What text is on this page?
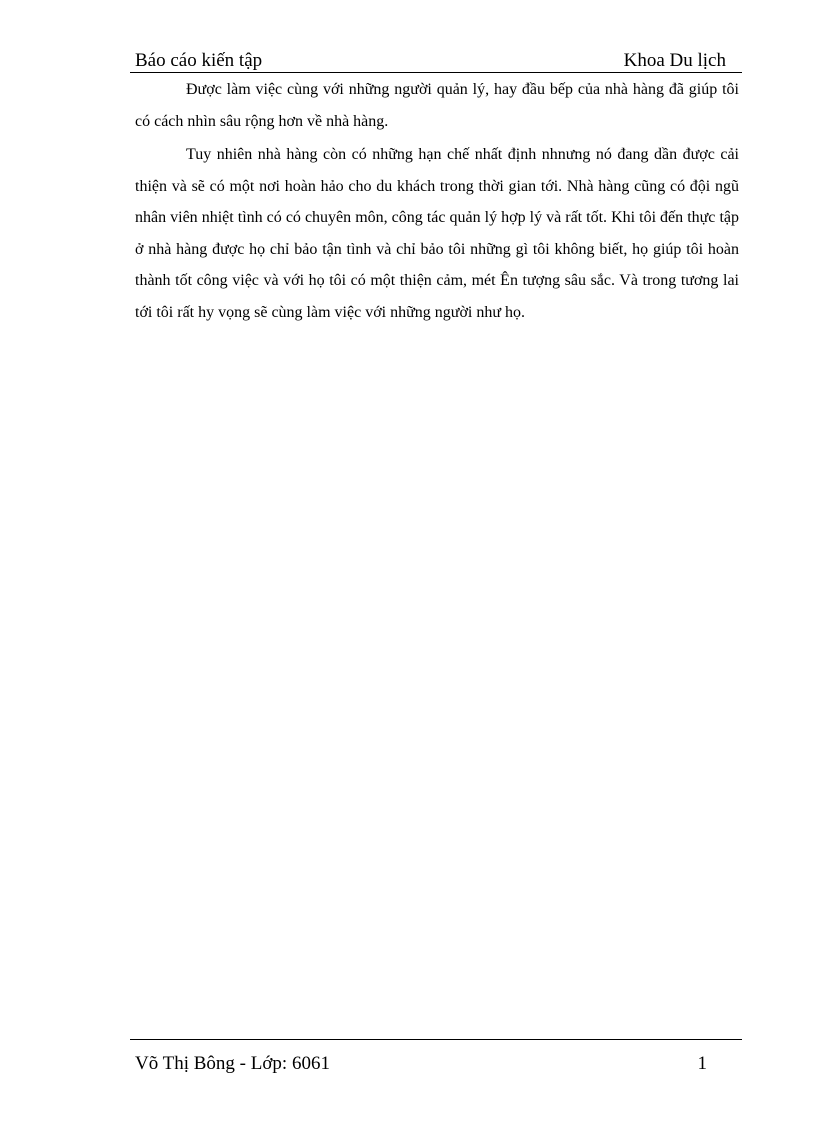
Báo cáo kiến tập	Khoa Du lịch

Được làm việc cùng với những người quản lý, hay đầu bếp của nhà hàng đã giúp tôi có cách nhìn sâu rộng hơn về nhà hàng.

Tuy nhiên nhà hàng còn có những hạn chế nhất định nhnưng nó đang dần được cải thiện và sẽ có một nơi hoàn hảo cho du khách trong thời gian tới. Nhà hàng cũng có đội ngũ nhân viên nhiệt tình có có chuyên môn, công tác quản lý hợp lý và rất tốt. Khi tôi đến thực tập ở nhà hàng được họ chỉ bảo tận tình và chỉ bảo tôi những gì tôi không biết, họ giúp tôi hoàn thành tốt công việc và với họ tôi có một thiện cảm, mét Ên tượng sâu sắc. Và trong tương lai tới tôi rất hy vọng sẽ cùng làm việc với những người như họ.

Võ Thị Bông - Lớp: 6061	1
